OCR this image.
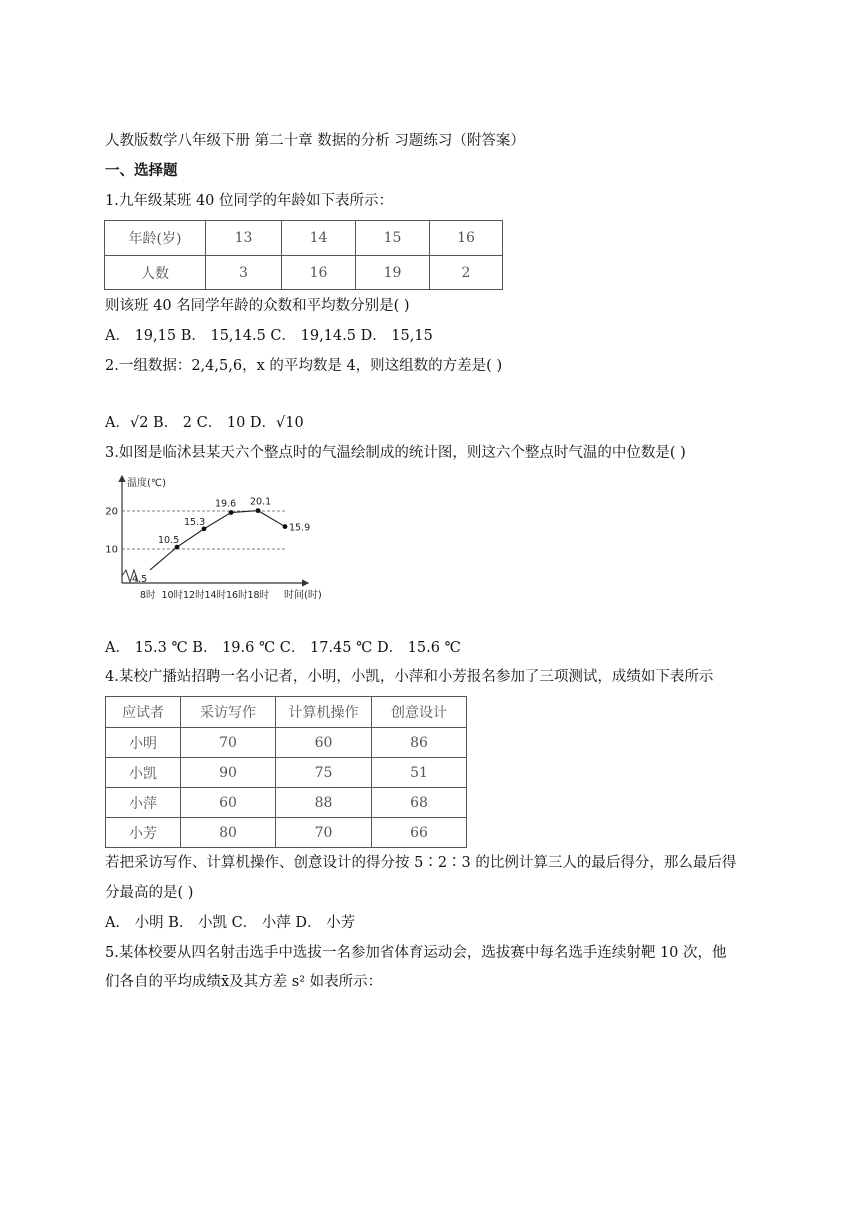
人教版数学八年级下册 第二十章 数据的分析 习题练习（附答案）
一、选择题
1.九年级某班 40 位同学的年龄如下表所示：
年龄(岁)	13	14	15	16
人数	3	16	19	2
则该班 40 名同学年龄的众数和平均数分别是( )
A． 19,15 B． 15,14.5 C． 19,14.5 D． 15,15
2.一组数据：2,4,5,6，x 的平均数是 4，则这组数的方差是( )
A．√2 B． 2 C． 10 D．√10
3.如图是临沭县某天六个整点时的气温绘制成的统计图，则这六个整点时气温的中位数是( )
温度(℃)
时间(时)
10
20
4.5
10.5
15.3
19.6 20.1
15.9
8时 10时 12时 14时 16时 18时
A． 15.3 ℃ B． 19.6 ℃ C． 17.45 ℃ D． 15.6 ℃
4.某校广播站招聘一名小记者，小明，小凯，小萍和小芳报名参加了三项测试，成绩如下表所示
应试者	采访写作	计算机操作	创意设计
小明	70	60	86
小凯	90	75	51
小萍	60	88	68
小芳	80	70	66
若把采访写作、计算机操作、创意设计的得分按 5∶2∶3 的比例计算三人的最后得分，那么最后得
分最高的是( )
A． 小明 B． 小凯 C． 小萍 D． 小芳
5.某体校要从四名射击选手中选拔一名参加省体育运动会，选拔赛中每名选手连续射靶 10 次，他
们各自的平均成绩x̄及其方差 s² 如表所示：
